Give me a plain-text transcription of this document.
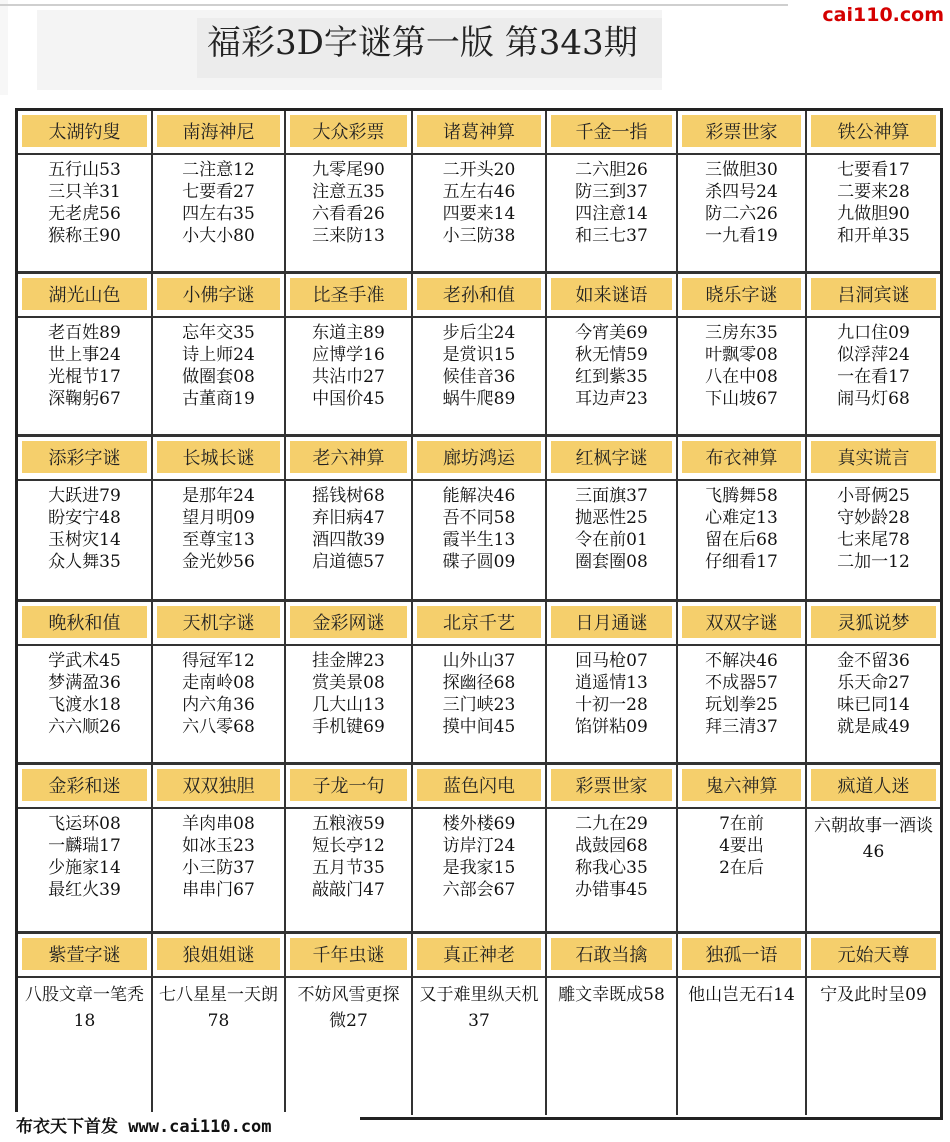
福彩3D字谜第一版 第343期
cai110.com
太湖钓叟
五行山53
三只羊31
无老虎56
猴称王90
南海神尼
二注意12
七要看27
四左右35
小大小80
大众彩票
九零尾90
注意五35
六看看26
三来防13
诸葛神算
二开头20
五左右46
四要来14
小三防38
千金一指
二六胆26
防三到37
四注意14
和三七37
彩票世家
三做胆30
杀四号24
防二六26
一九看19
铁公神算
七要看17
二要来28
九做胆90
和开单35
湖光山色
老百姓89
世上事24
光棍节17
深鞠躬67
小佛字谜
忘年交35
诗上师24
做圈套08
古董商19
比圣手准
东道主89
应博学16
共沾巾27
中国价45
老孙和值
步后尘24
是赏识15
候佳音36
蜗牛爬89
如来谜语
今宵美69
秋无情59
红到紫35
耳边声23
晓乐字谜
三房东35
叶飘零08
八在中08
下山坡67
吕洞宾谜
九口住09
似浮萍24
一在看17
闹马灯68
添彩字谜
大跃进79
盼安宁48
玉树灾14
众人舞35
长城长谜
是那年24
望月明09
至尊宝13
金光妙56
老六神算
摇钱树68
弃旧病47
酒四散39
启道德57
廊坊鸿运
能解决46
吾不同58
霞半生13
碟子圆09
红枫字谜
三面旗37
抛恶性25
令在前01
圈套圈08
布衣神算
飞腾舞58
心难定13
留在后68
仔细看17
真实谎言
小哥俩25
守妙龄28
七来尾78
二加一12
晚秋和值
学武术45
梦满盈36
飞渡水18
六六顺26
天机字谜
得冠军12
走南岭08
内六角36
六八零68
金彩网谜
挂金牌23
赏美景08
几大山13
手机键69
北京千艺
山外山37
探幽径68
三门峡23
摸中间45
日月通谜
回马枪07
逍遥情13
十初一28
馅饼粘09
双双字谜
不解决46
不成器57
玩划拳25
拜三清37
灵狐说梦
金不留36
乐天命27
味已同14
就是咸49
金彩和迷
飞运环08
一麟瑞17
少施家14
最红火39
双双独胆
羊肉串08
如冰玉23
小三防37
串串门67
子龙一句
五粮液59
短长亭12
五月节35
敲敲门47
蓝色闪电
楼外楼69
访岸汀24
是我家15
六部会67
彩票世家
二九在29
战鼓园68
称我心35
办错事45
鬼六神算
7在前
4要出
2在后
疯道人迷
六朝故事一酒谈46
紫萱字谜
八股文章一笔秃18
狼姐姐谜
七八星星一天朗78
千年虫谜
不妨风雪更探微27
真正神老
又于难里纵天机37
石敢当擒
雕文幸既成58
独孤一语
他山岂无石14
元始天尊
宁及此时呈09
布衣天下首发 www.cai110.com
